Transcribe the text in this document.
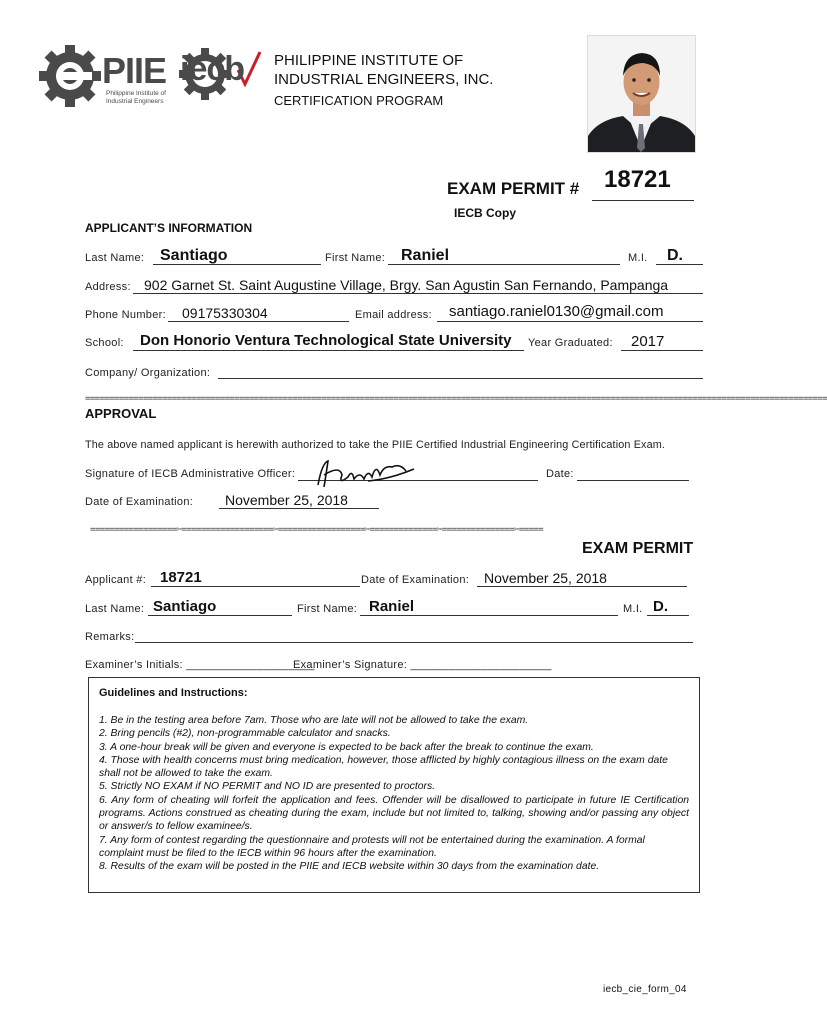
PIIE
Philippine Institute of
Industrial Engineers
iecb PHILIPPINE INSTITUTE OF
INDUSTRIAL ENGINEERS, INC.
CERTIFICATION PROGRAM
EXAM PERMIT # 18721
IECB Copy
APPLICANT’S INFORMATION
Last Name: Santiago	First Name: Raniel	M.I. D.
Address: 902 Garnet St. Saint Augustine Village, Brgy. San Agustin San Fernando, Pampanga
Phone Number: 09175330304	Email address: santiago.raniel0130@gmail.com
School: Don Honorio Ventura Technological State University Year Graduated: 2017
Company/ Organization:
==========================================================================================================================================================
APPROVAL
The above named applicant is herewith authorized to take the PIIE Certified Industrial Engineering Certification Exam.
Signature of IECB Administrative Officer:	Date:
Date of Examination: November 25, 2018
==================✂===================✂==================✂==============✂===============✂=====
EXAM PERMIT
Applicant #: 18721	Date of Examination: November 25, 2018
Last Name: Santiago	First Name: Raniel	M.I. D.
Remarks:
Examiner’s Initials: ____________________
Examiner’s Signature: ______________________
Guidelines and Instructions:

1. Be in the testing area before 7am. Those who are late will not be allowed to take the exam.

2. Bring pencils (#2), non-programmable calculator and snacks.

3. A one-hour break will be given and everyone is expected to be back after the break to continue the exam.

4. Those with health concerns must bring medication, however, those afflicted by highly contagious illness on the exam date shall not be allowed to take the exam.

5. Strictly NO EXAM if NO PERMIT and NO ID are presented to proctors.

6. Any form of cheating will forfeit the application and fees. Offender will be disallowed to participate in future IE Certification programs. Actions construed as cheating during the exam, include but not limited to, talking, showing and/or passing any object or answer/s to fellow examinee/s.

7. Any form of contest regarding the questionnaire and protests will not be entertained during the examination. A formal complaint must be filed to the IECB within 96 hours after the examination.

8. Results of the exam will be posted in the PIIE and IECB website within 30 days from the examination date.

iecb_cie_form_04
